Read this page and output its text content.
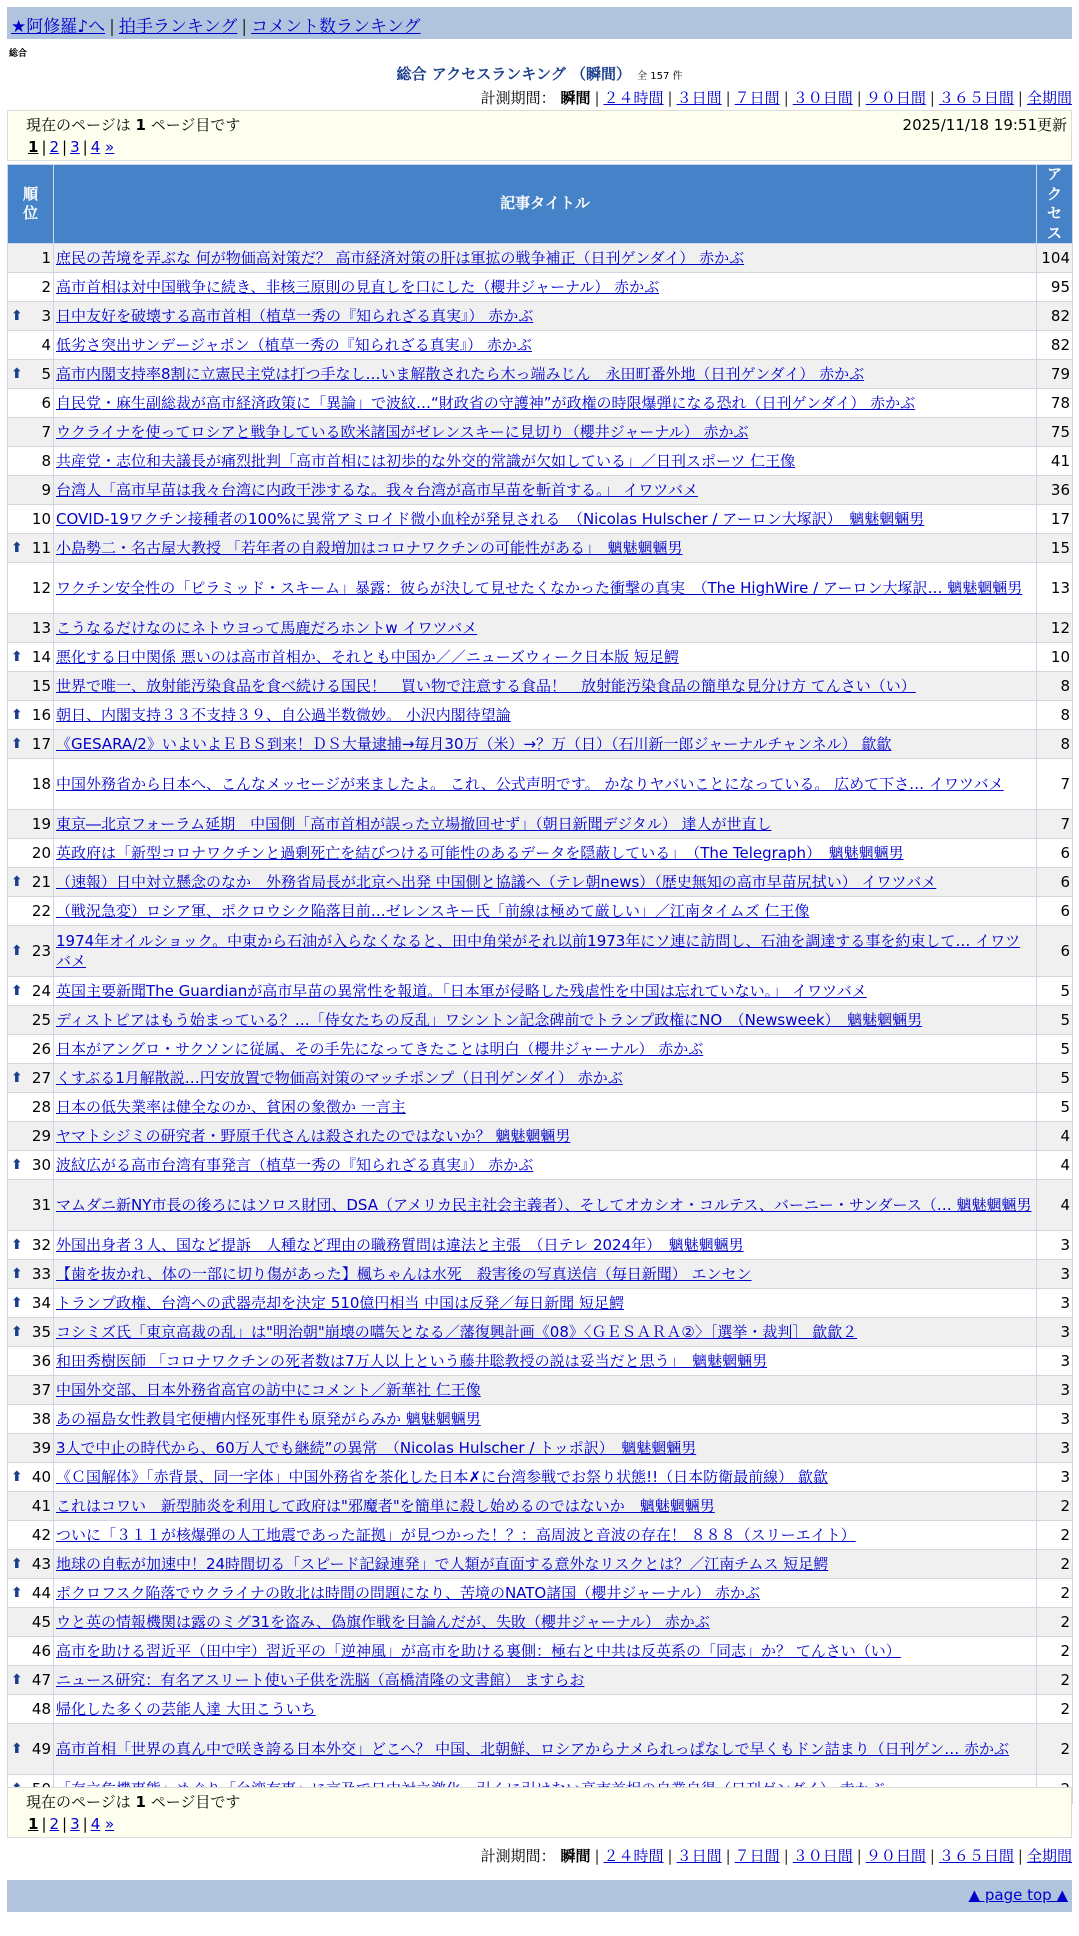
★阿修羅♪へ | 拍手ランキング | コメント数ランキング
総合
総合 アクセスランキング （瞬間） 全 157 件
計測期間： 瞬間 | ２４時間 | ３日間 | ７日間 | ３０日間 | ９０日間 | ３６５日間 | 全期間
現在のページは 1 ページ目です	2025/11/18 19:51更新
1 | 2 | 3 | 4 »
順位	記事タイトル	アクセス
1	庶民の苦境を弄ぶな 何が物価高対策だ？ 高市経済対策の肝は軍拡の戦争補正（日刊ゲンダイ） 赤かぶ	104
2	高市首相は対中国戦争に続き、非核三原則の見直しを口にした（櫻井ジャーナル） 赤かぶ	95

⬆ 3	日中友好を破壊する高市首相（植草一秀の『知られざる真実』） 赤かぶ	82
4	低劣さ突出サンデージャポン（植草一秀の『知られざる真実』） 赤かぶ	82

⬆ 5	高市内閣支持率8割に立憲民主党は打つ手なし…いま解散されたら木っ端みじん　永田町番外地（日刊ゲンダイ） 赤かぶ	79
6	自民党・麻生副総裁が高市経済政策に「異論」で波紋…“財政省の守護神”が政権の時限爆弾になる恐れ（日刊ゲンダイ） 赤かぶ	78
7	ウクライナを使ってロシアと戦争している欧米諸国がゼレンスキーに見切り（櫻井ジャーナル） 赤かぶ	75
8	共産党・志位和夫議長が痛烈批判「高市首相には初歩的な外交的常識が欠如している」／日刊スポーツ 仁王像	41
9	台湾人「高市早苗は我々台湾に内政干渉するな。我々台湾が高市早苗を斬首する。」 イワツバメ	36
10	COVID-19ワクチン接種者の100%に異常アミロイド微小血栓が発見される　（Nicolas Hulscher / アーロン大塚訳）　魑魅魍魎男	17

⬆ 11	小島勢二・名古屋大教授 「若年者の自殺増加はコロナワクチンの可能性がある」　魑魅魍魎男	15
12	ワクチン安全性の「ピラミッド・スキーム」暴露：彼らが決して見せたくなかった衝撃の真実　（The HighWire / アーロン大塚訳… 魑魅魍魎男	13
13	こうなるだけなのにネトウヨって馬鹿だろホントw イワツバメ	12

⬆ 14	悪化する日中関係 悪いのは高市首相か、それとも中国か／／ニューズウィーク日本版 短足鰐	10
15	世界で唯一、放射能汚染食品を食べ続ける国民！　買い物で注意する食品！　放射能汚染食品の簡単な見分け方 てんさい（い）	8

⬆ 16	朝日、内閣支持３３不支持３９、自公過半数微妙。 小沢内閣待望論	8

⬆ 17	《GESARA/2》いよいよＥＢＳ到来！ＤＳ大量逮捕→毎月30万（米）→？万（日）（石川新一郎ジャーナルチャンネル） 歙歙	8
18	中国外務省から日本へ、こんなメッセージが来ましたよ。 これ、公式声明です。 かなりヤバいことになっている。 広めて下さ… イワツバメ	7
19	東京―北京フォーラム延期　中国側「高市首相が誤った立場撤回せず」（朝日新聞デジタル） 達人が世直し	7
20	英政府は「新型コロナワクチンと過剰死亡を結びつける可能性のあるデータを隠蔽している」　（The Telegraph）　魑魅魍魎男	6

⬆ 21	（速報）日中対立懸念のなか　外務省局長が北京へ出発 中国側と協議へ（テレ朝news）（歴史無知の高市早苗尻拭い） イワツバメ	6
22	（戦況急変）ロシア軍、ポクロウシク陥落目前…ゼレンスキー氏「前線は極めて厳しい」／江南タイムズ 仁王像	6

⬆ 23	1974年オイルショック。中東から石油が入らなくなると、田中角栄がそれ以前1973年にソ連に訪問し、石油を調達する事を約束して… イワツバメ	6

⬆ 24	英国主要新聞The Guardianが高市早苗の異常性を報道。「日本軍が侵略した残虐性を中国は忘れていない。」 イワツバメ	5
25	ディストピアはもう始まっている？…「侍女たちの反乱」ワシントン記念碑前でトランプ政権にNO　（Newsweek）　魑魅魍魎男	5
26	日本がアングロ・サクソンに従属、その手先になってきたことは明白（櫻井ジャーナル） 赤かぶ	5

⬆ 27	くすぶる1月解散説…円安放置で物価高対策のマッチポンプ（日刊ゲンダイ） 赤かぶ	5
28	日本の低失業率は健全なのか、貧困の象徴か 一言主	5
29	ヤマトシジミの研究者・野原千代さんは殺されたのではないか？ 魑魅魍魎男	4

⬆ 30	波紋広がる高市台湾有事発言（植草一秀の『知られざる真実』） 赤かぶ	4
31	マムダニ新NY市長の後ろにはソロス財団、DSA（アメリカ民主社会主義者）、そしてオカシオ・コルテス、バーニー・サンダース（… 魑魅魍魎男	4

⬆ 32	外国出身者３人、国など提訴　人種など理由の職務質問は違法と主張　（日テレ 2024年）　魑魅魍魎男	3

⬆ 33	【歯を抜かれ、体の一部に切り傷があった】楓ちゃんは水死　殺害後の写真送信（毎日新聞） エンセン	3

⬆ 34	トランプ政権、台湾への武器売却を決定 510億円相当 中国は反発／毎日新聞 短足鰐	3

⬆ 35	コシミズ氏「東京高裁の乱」は"明治朝"崩壊の嚆矢となる／藩復興計画《08》〈ＧＥＳＡＲＡ②〉［選挙・裁判］ 歙歙２	3
36	和田秀樹医師 「コロナワクチンの死者数は7万人以上という藤井聡教授の説は妥当だと思う」　魑魅魍魎男	3
37	中国外交部、日本外務省高官の訪中にコメント／新華社 仁王像	3
38	あの福島女性教員宅便槽内怪死事件も原発がらみか 魑魅魍魎男	3
39	3人で中止の時代から、60万人でも継続”の異常　（Nicolas Hulscher / トッポ訳）　魑魅魍魎男	3

⬆ 40	《Ｃ国解体》「赤背景、同一字体」中国外務省を茶化した日本✗に台湾参戦でお祭り状態!!（日本防衛最前線） 歙歙	3
41	これはコワい　新型肺炎を利用して政府は"邪魔者"を簡単に殺し始めるのではないか　魑魅魍魎男	2
42	ついに「３１１が核爆弾の人工地震であった証拠」が見つかった！？：高周波と音波の存在！ ８８８（スリーエイト）	2

⬆ 43	地球の自転が加速中！24時間切る「スピード記録連発」で人類が直面する意外なリスクとは？／江南チムス 短足鰐	2

⬆ 44	ポクロフスク陥落でウクライナの敗北は時間の問題になり、苦境のNATO諸国（櫻井ジャーナル） 赤かぶ	2
45	ウと英の情報機関は露のミグ31を盗み、偽旗作戦を目論んだが、失敗（櫻井ジャーナル） 赤かぶ	2
46	高市を助ける習近平（田中宇）習近平の「逆神風」が高市を助ける裏側：極右と中共は反英系の「同志」か？ てんさい（い）	2

⬆ 47	ニュース研究：有名アスリート使い子供を洗脳（高橋清隆の文書館） ますらお	2
48	帰化した多くの芸能人達 大田こういち	2

⬆ 49	高市首相「世界の真ん中で咲き誇る日本外交」どこへ？ 中国、北朝鮮、ロシアからナメられっぱなしで早くもドン詰まり（日刊ゲン… 赤かぶ	2

現在のページは 1 ページ目です
1 | 2 | 3 | 4 »
計測期間： 瞬間 | ２４時間 | ３日間 | ７日間 | ３０日間 | ９０日間 | ３６５日間 | 全期間
▲ page top ▲
